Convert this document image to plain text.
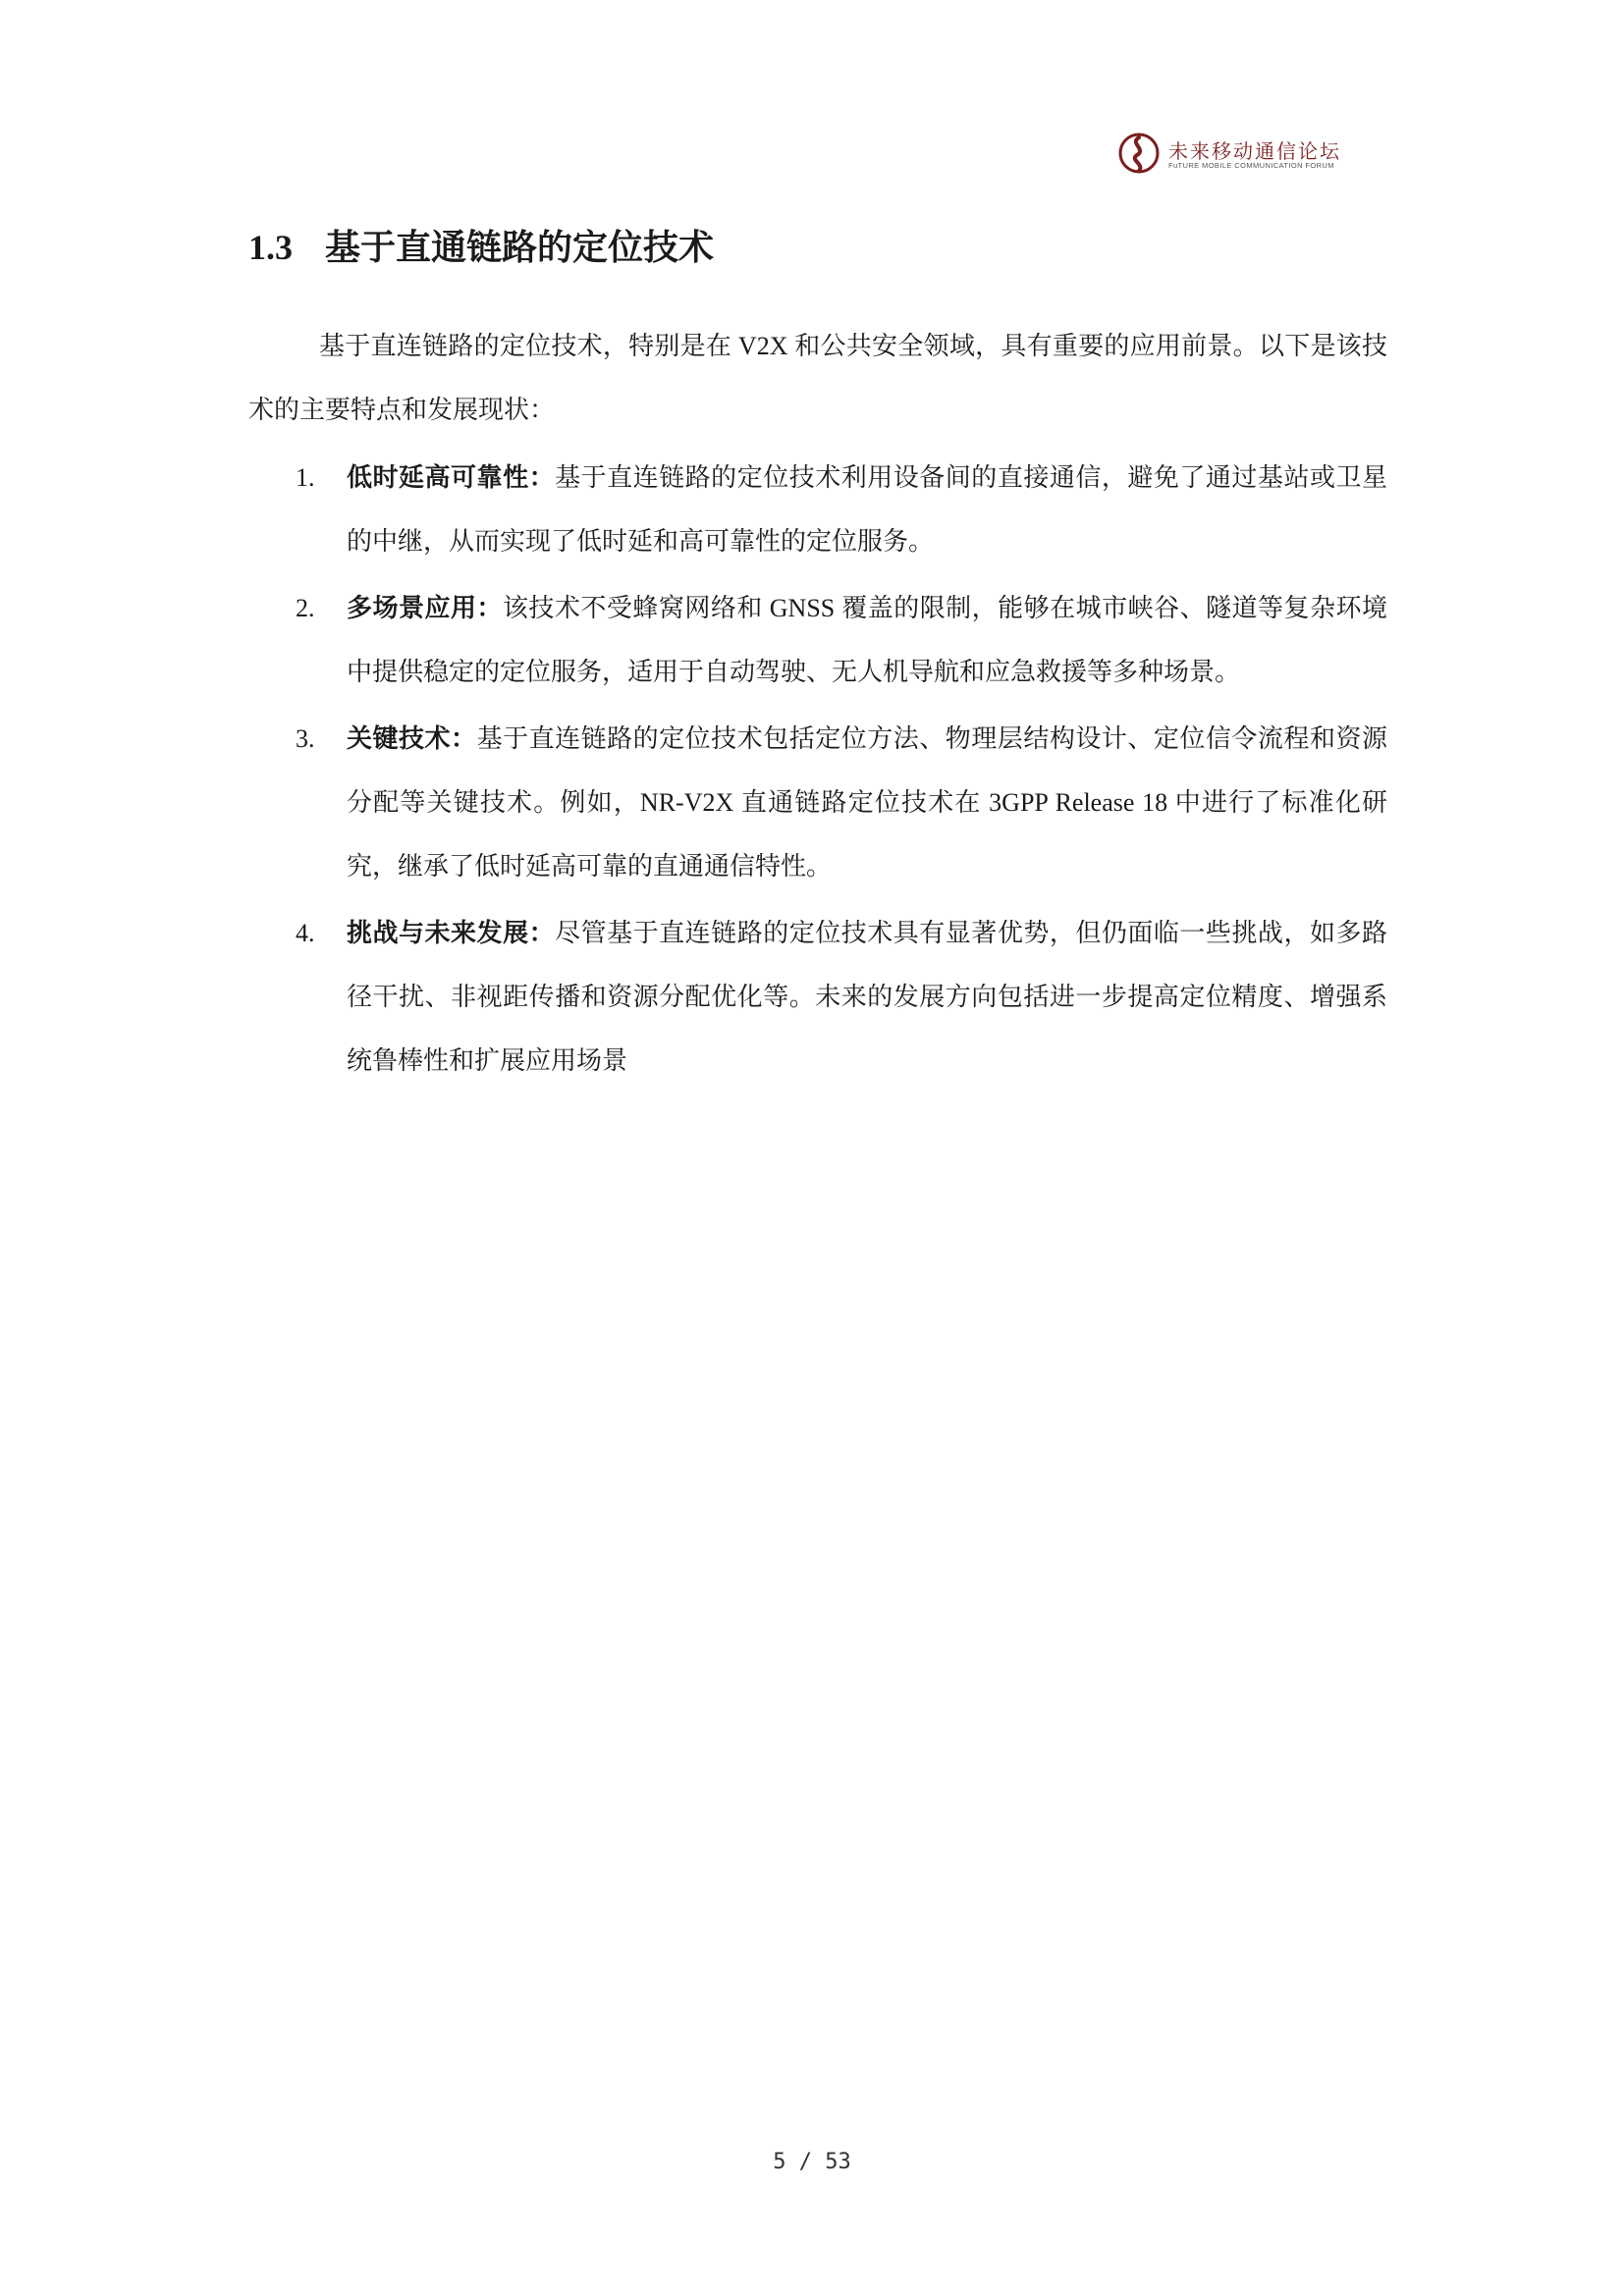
未来移动通信论坛
FuTURE MOBILE COMMUNICATION FORUM
1.3 基于直通链路的定位技术

基于直连链路的定位技术，特别是在 V2X 和公共安全领域，具有重要的应用前景。以下是该技术的主要特点和发展现状：

1. 低时延高可靠性：基于直连链路的定位技术利用设备间的直接通信，避免了通过基站或卫星的中继，从而实现了低时延和高可靠性的定位服务。
2. 多场景应用：该技术不受蜂窝网络和 GNSS 覆盖的限制，能够在城市峡谷、隧道等复杂环境中提供稳定的定位服务，适用于自动驾驶、无人机导航和应急救援等多种场景。
3. 关键技术：基于直连链路的定位技术包括定位方法、物理层结构设计、定位信令流程和资源分配等关键技术。例如，NR-V2X 直通链路定位技术在 3GPP Release 18 中进行了标准化研究，继承了低时延高可靠的直通通信特性。
4. 挑战与未来发展：尽管基于直连链路的定位技术具有显著优势，但仍面临一些挑战，如多路径干扰、非视距传播和资源分配优化等。未来的发展方向包括进一步提高定位精度、增强系统鲁棒性和扩展应用场景
5 / 53
